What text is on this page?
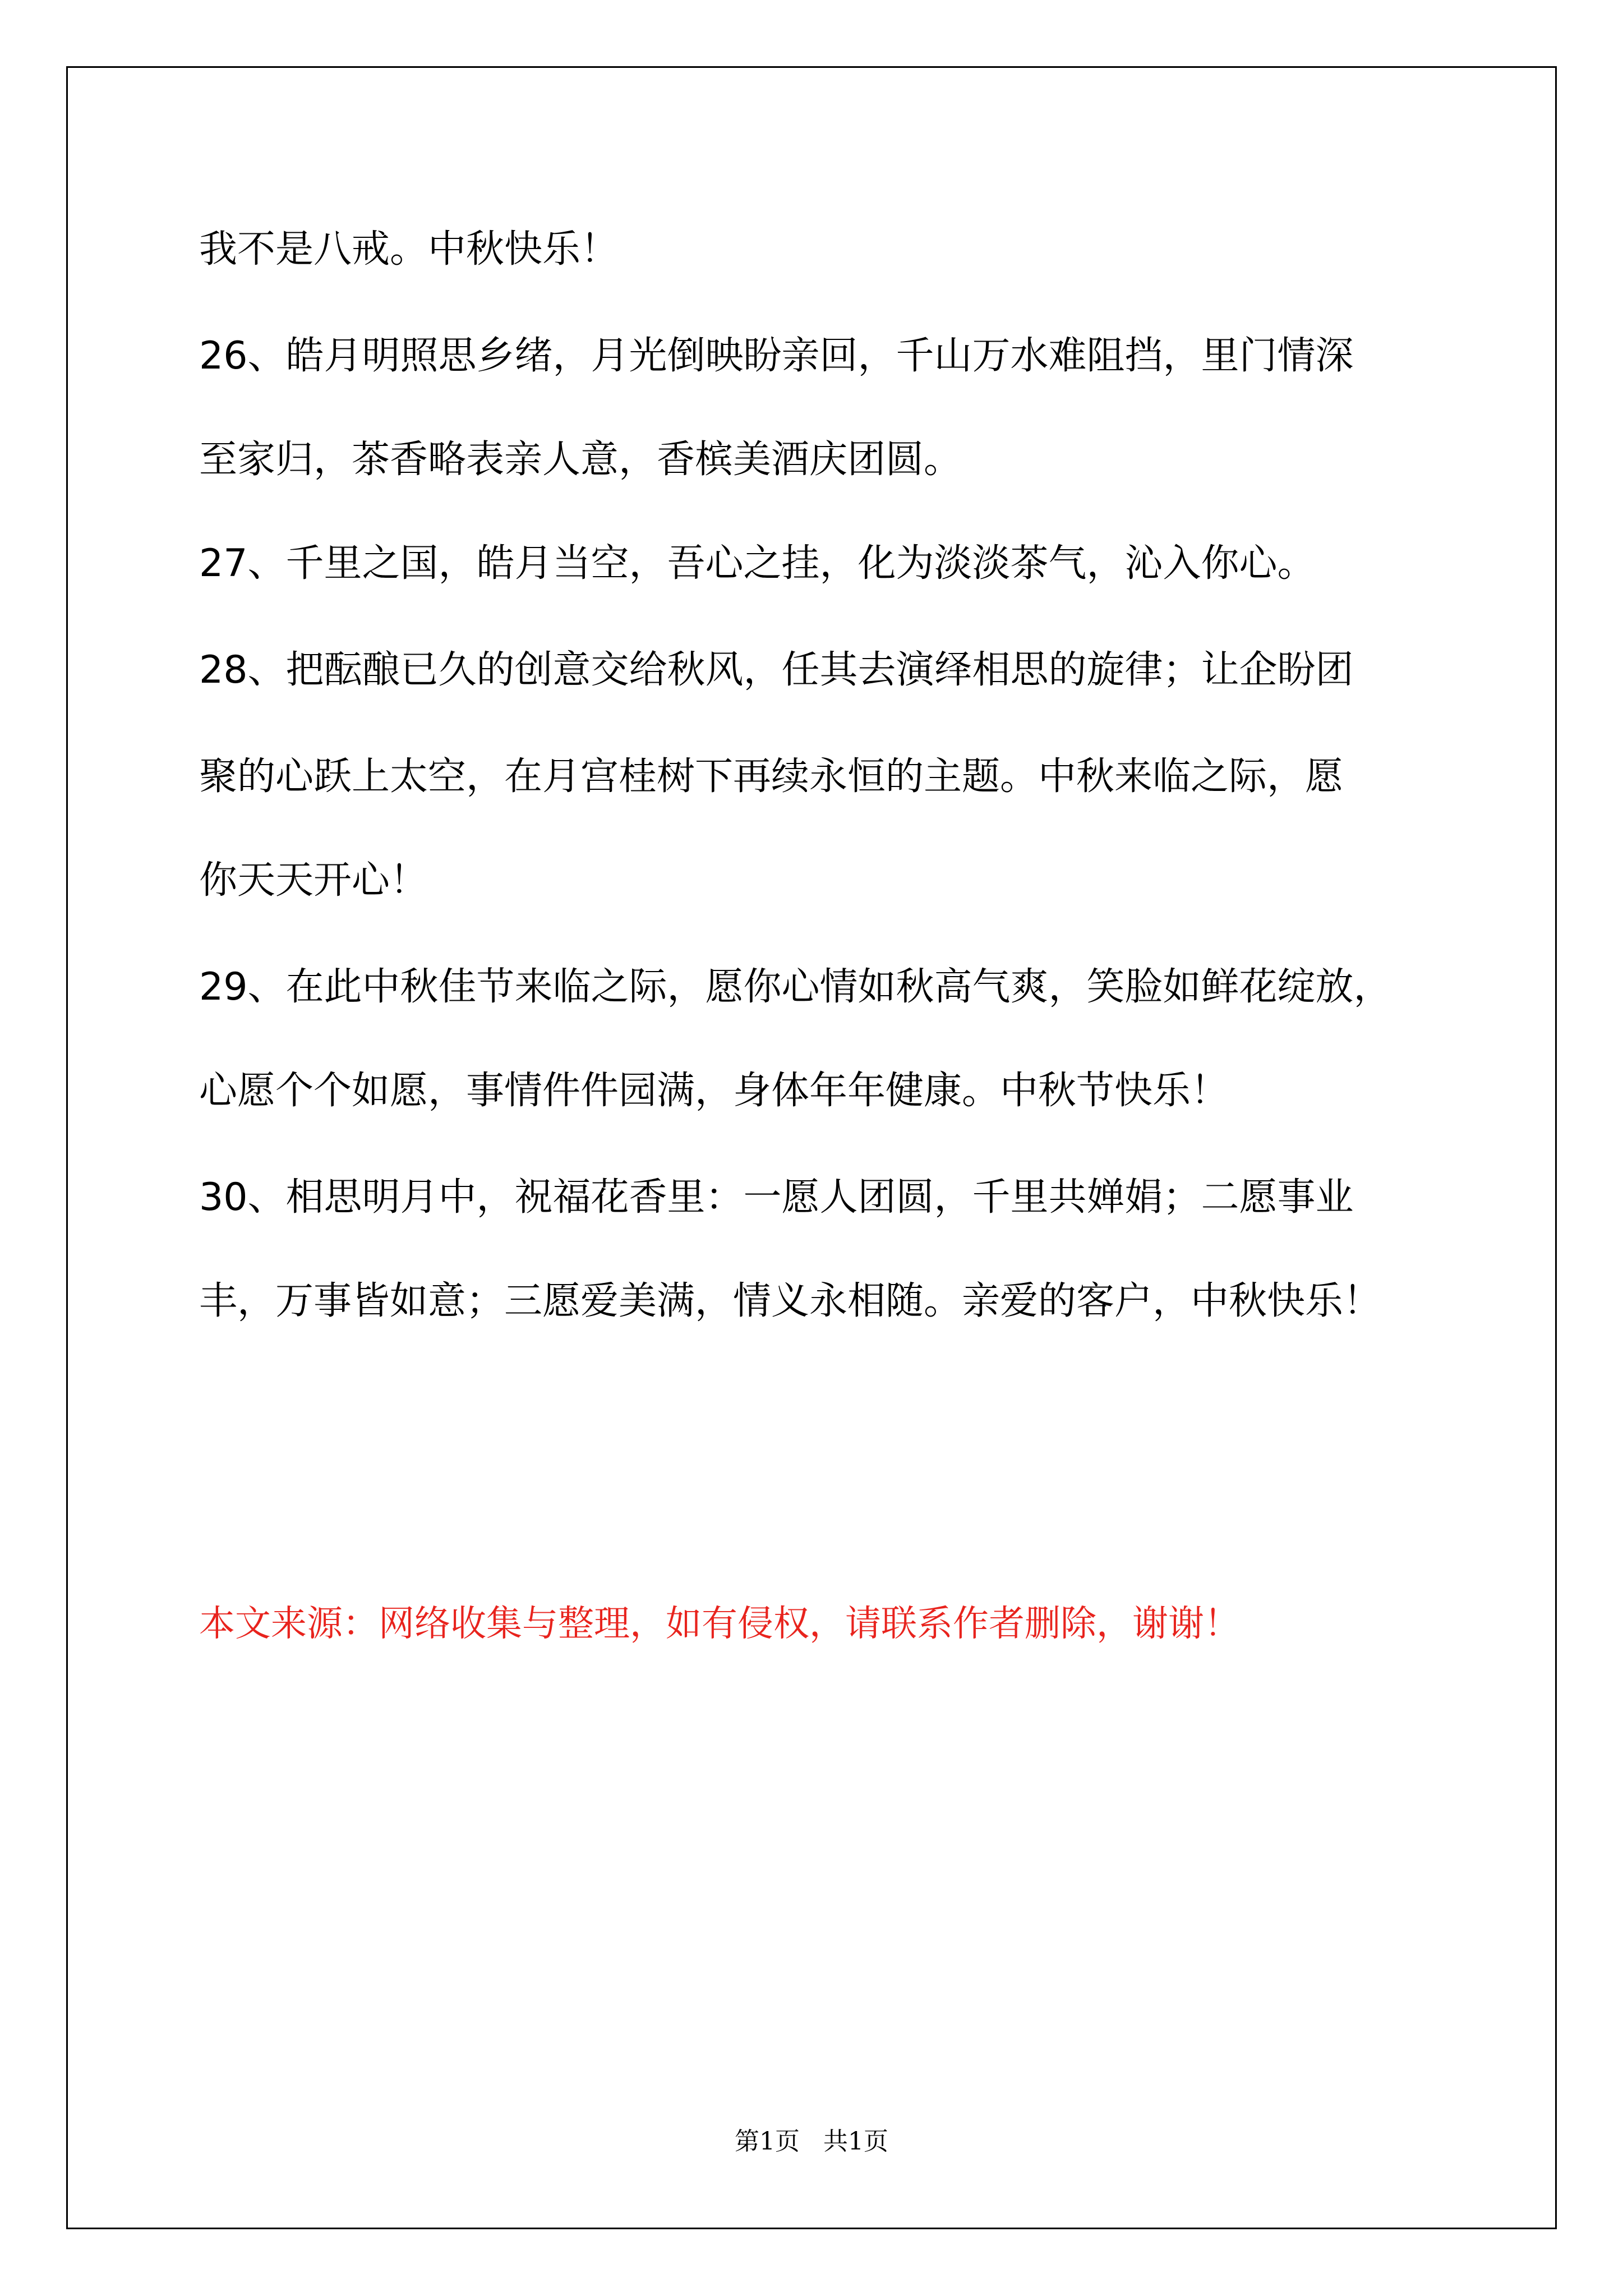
我不是八戒。中秋快乐！
26、皓月明照思乡绪，月光倒映盼亲回，千山万水难阻挡，里门情深
至家归，茶香略表亲人意，香槟美酒庆团圆。
27、千里之国，皓月当空，吾心之挂，化为淡淡茶气，沁入你心。
28、把酝酿已久的创意交给秋风，任其去演绎相思的旋律；让企盼团
聚的心跃上太空，在月宫桂树下再续永恒的主题。中秋来临之际，愿
你天天开心！
29、在此中秋佳节来临之际，愿你心情如秋高气爽，笑脸如鲜花绽放，
心愿个个如愿，事情件件园满，身体年年健康。中秋节快乐！
30、相思明月中，祝福花香里：一愿人团圆，千里共婵娟；二愿事业
丰，万事皆如意；三愿爱美满，情义永相随。亲爱的客户，中秋快乐！
本文来源：网络收集与整理，如有侵权，请联系作者删除，谢谢！
第1页   共1页
